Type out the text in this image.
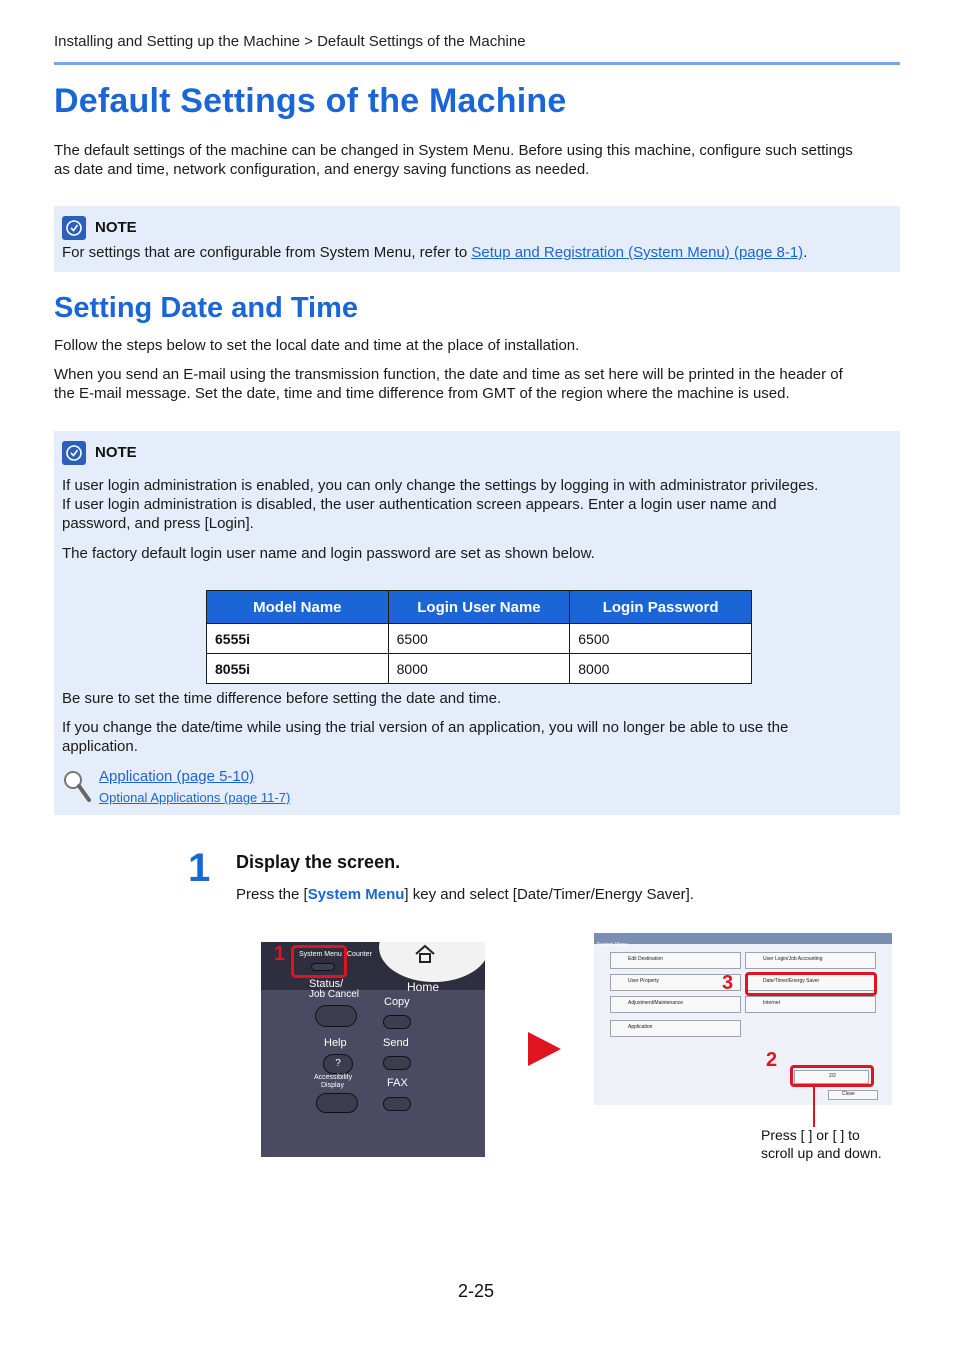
Installing and Setting up the Machine > Default Settings of the Machine
Default Settings of the Machine
The default settings of the machine can be changed in System Menu. Before using this machine, configure such settings
as date and time, network configuration, and energy saving functions as needed.
NOTE
For settings that are configurable from System Menu, refer to Setup and Registration (System Menu) (page 8-1).
Setting Date and Time
Follow the steps below to set the local date and time at the place of installation.
When you send an E-mail using the transmission function, the date and time as set here will be printed in the header of
the E-mail message. Set the date, time and time difference from GMT of the region where the machine is used.
NOTE
If user login administration is enabled, you can only change the settings by logging in with administrator privileges.
If user login administration is disabled, the user authentication screen appears. Enter a login user name and
password, and press [Login].
The factory default login user name and login password are set as shown below.
Be sure to set the time difference before setting the date and time.
If you change the date/time while using the trial version of an application, you will no longer be able to use the
application.
Application (page 5-10)
Optional Applications (page 11-7)
Model Name	Login User Name	Login Password
6555i	6500	6500
8055i	8000	8000
1 Display the screen.
Press the [System Menu] key and select [Date/Timer/Energy Saver].
Home
System Menu Counter
Status/
Job Cancel
Copy
Help
?
Send
Accessibility
Display	FAX
1	System Menu
Edit Destination	User Login/Job Accounting
User Property	Date/Timer/Energy Saver
Adjustment/Maintenance	Internet
Application
2/2
Close
3
2
Press [ ] or [ ] to
scroll up and down.
2-25
